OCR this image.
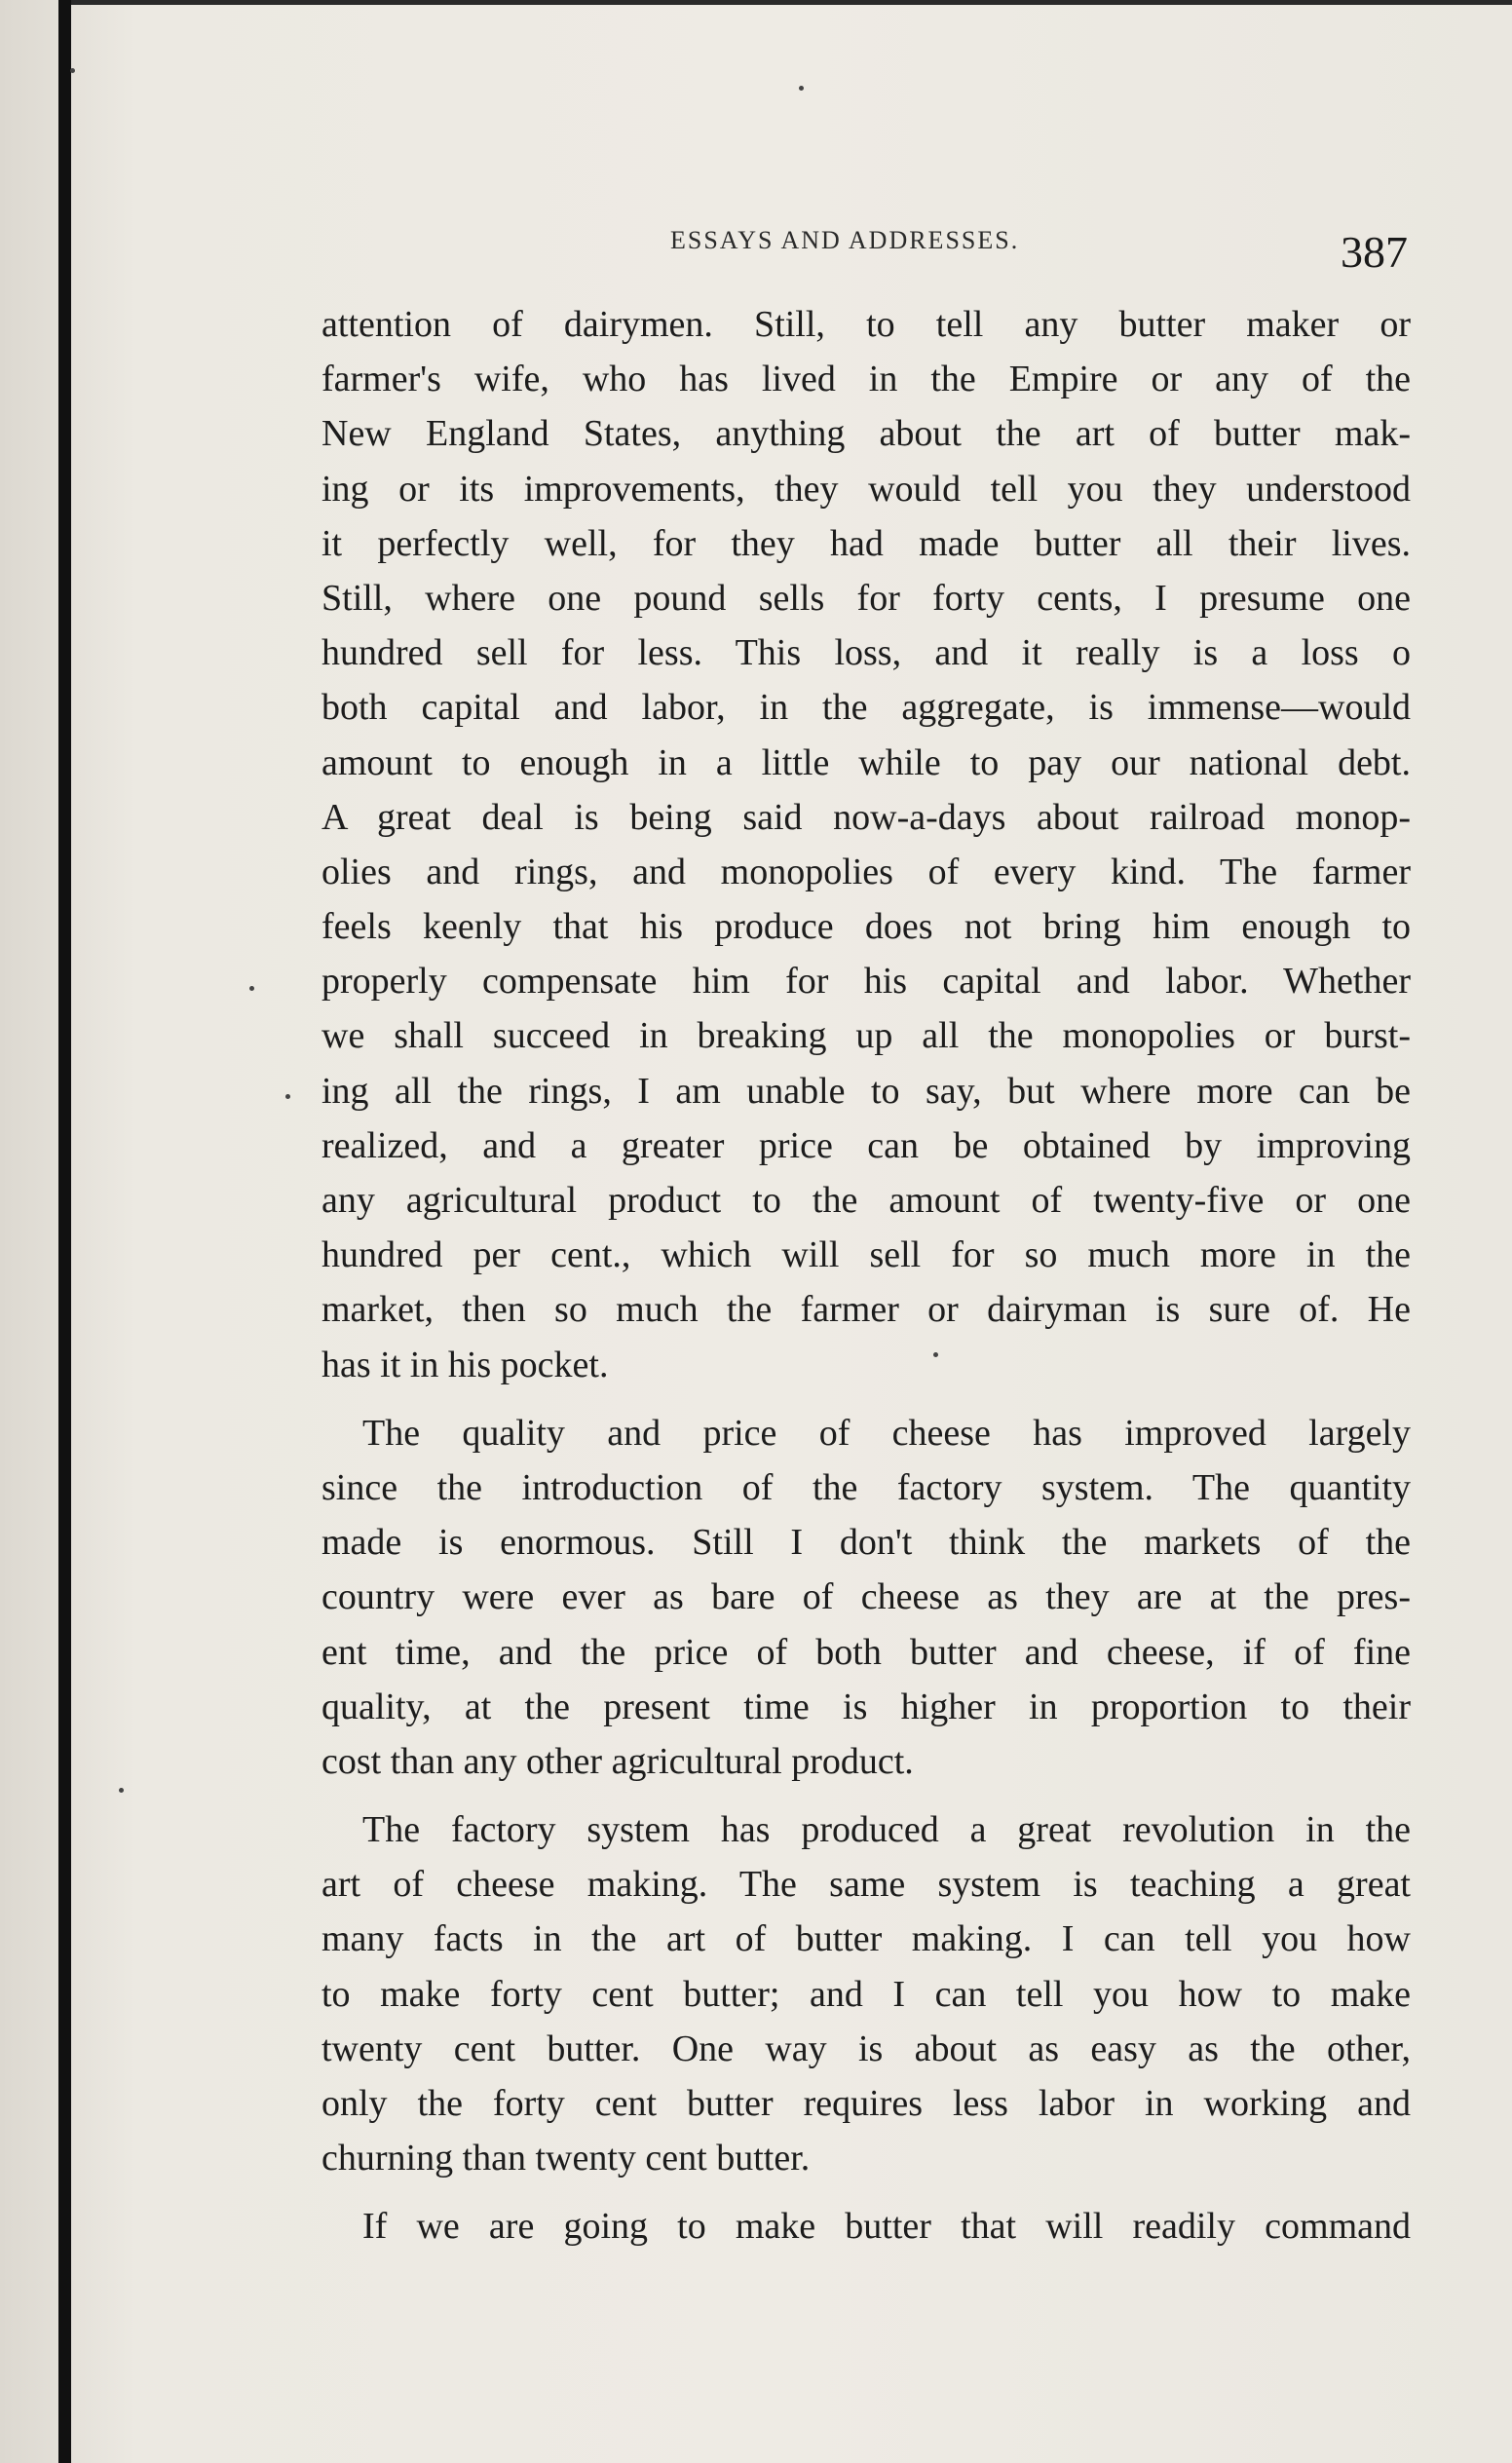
ESSAYS AND ADDRESSES.	387
attention of dairymen. Still, to tell any butter maker or
farmer's wife, who has lived in the Empire or any of the
New England States, anything about the art of butter mak-
ing or its improvements, they would tell you they understood
it perfectly well, for they had made butter all their lives.
Still, where one pound sells for forty cents, I presume one
hundred sell for less. This loss, and it really is a loss o
both capital and labor, in the aggregate, is immense—would
amount to enough in a little while to pay our national debt.
A great deal is being said now-a-days about railroad monop-
olies and rings, and monopolies of every kind. The farmer
feels keenly that his produce does not bring him enough to
properly compensate him for his capital and labor. Whether
we shall succeed in breaking up all the monopolies or burst-
ing all the rings, I am unable to say, but where more can be
realized, and a greater price can be obtained by improving
any agricultural product to the amount of twenty-five or one
hundred per cent., which will sell for so much more in the
market, then so much the farmer or dairyman is sure of. He
has it in his pocket.
The quality and price of cheese has improved largely
since the introduction of the factory system. The quantity
made is enormous. Still I don't think the markets of the
country were ever as bare of cheese as they are at the pres-
ent time, and the price of both butter and cheese, if of fine
quality, at the present time is higher in proportion to their
cost than any other agricultural product.
The factory system has produced a great revolution in the
art of cheese making. The same system is teaching a great
many facts in the art of butter making. I can tell you how
to make forty cent butter; and I can tell you how to make
twenty cent butter. One way is about as easy as the other,
only the forty cent butter requires less labor in working and
churning than twenty cent butter.
If we are going to make butter that will readily command
